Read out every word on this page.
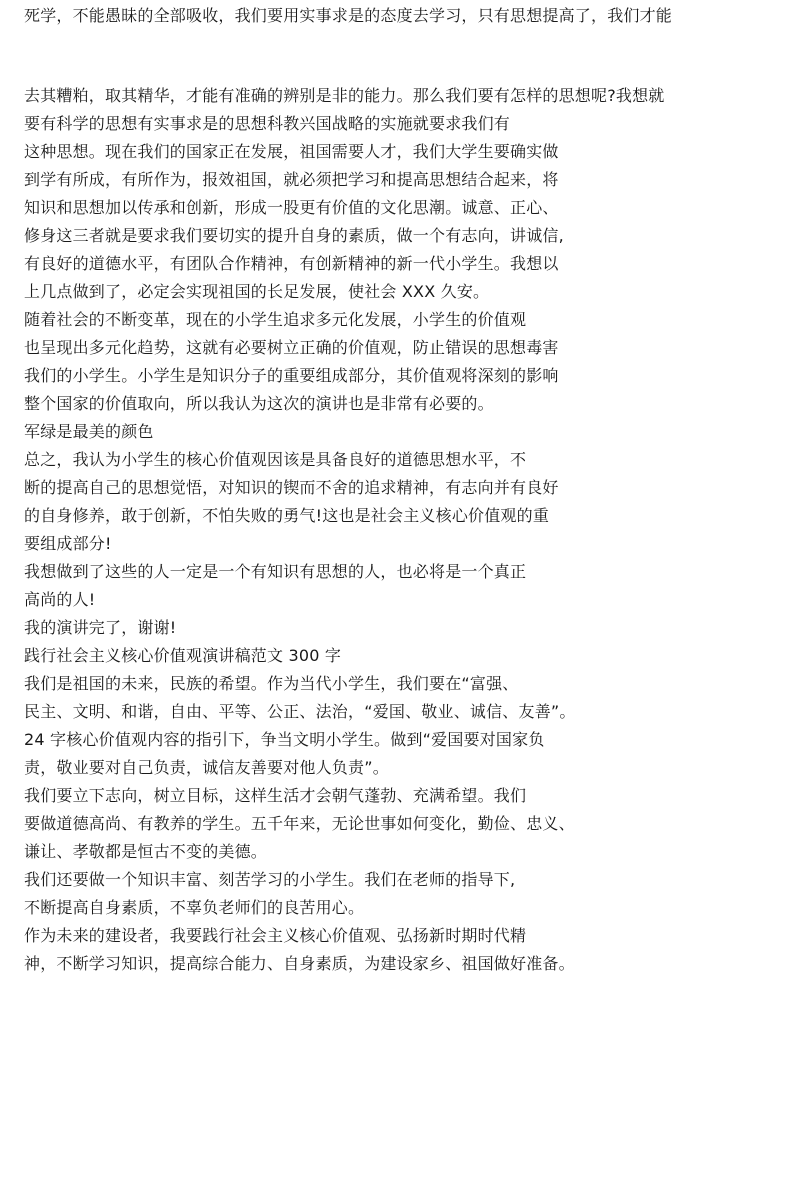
死学，不能愚昧的全部吸收，我们要用实事求是的态度去学习，只有思想提高了，我们才能

去其糟粕，取其精华，才能有准确的辨别是非的能力。那么我们要有怎样的思想呢?我想就

要有科学的思想有实事求是的思想科教兴国战略的实施就要求我们有

这种思想。现在我们的国家正在发展，祖国需要人才，我们大学生要确实做

到学有所成，有所作为，报效祖国，就必须把学习和提高思想结合起来，将

知识和思想加以传承和创新，形成一股更有价值的文化思潮。诚意、正心、

修身这三者就是要求我们要切实的提升自身的素质，做一个有志向，讲诚信,

有良好的道德水平，有团队合作精神，有创新精神的新一代小学生。我想以

上几点做到了，必定会实现祖国的长足发展，使社会 XXX 久安。

随着社会的不断变革，现在的小学生追求多元化发展，小学生的价值观

也呈现出多元化趋势，这就有必要树立正确的价值观，防止错误的思想毒害

我们的小学生。小学生是知识分子的重要组成部分，其价值观将深刻的影响

整个国家的价值取向，所以我认为这次的演讲也是非常有必要的。

军绿是最美的颜色

总之，我认为小学生的核心价值观因该是具备良好的道德思想水平，不

断的提高自己的思想觉悟，对知识的锲而不舍的追求精神，有志向并有良好

的自身修养，敢于创新，不怕失败的勇气!这也是社会主义核心价值观的重

要组成部分!

我想做到了这些的人一定是一个有知识有思想的人，也必将是一个真正

高尚的人!

我的演讲完了，谢谢!

践行社会主义核心价值观演讲稿范文 300 字

我们是祖国的未来，民族的希望。作为当代小学生，我们要在“富强、

民主、文明、和谐，自由、平等、公正、法治，“爱国、敬业、诚信、友善”。

24 字核心价值观内容的指引下，争当文明小学生。做到“爱国要对国家负

责，敬业要对自己负责，诚信友善要对他人负责”。

我们要立下志向，树立目标，这样生活才会朝气蓬勃、充满希望。我们

要做道德高尚、有教养的学生。五千年来，无论世事如何变化，勤俭、忠义、

谦让、孝敬都是恒古不变的美德。

我们还要做一个知识丰富、刻苦学习的小学生。我们在老师的指导下,

不断提高自身素质，不辜负老师们的良苦用心。

作为未来的建设者，我要践行社会主义核心价值观、弘扬新时期时代精

神，不断学习知识，提高综合能力、自身素质，为建设家乡、祖国做好准备。
